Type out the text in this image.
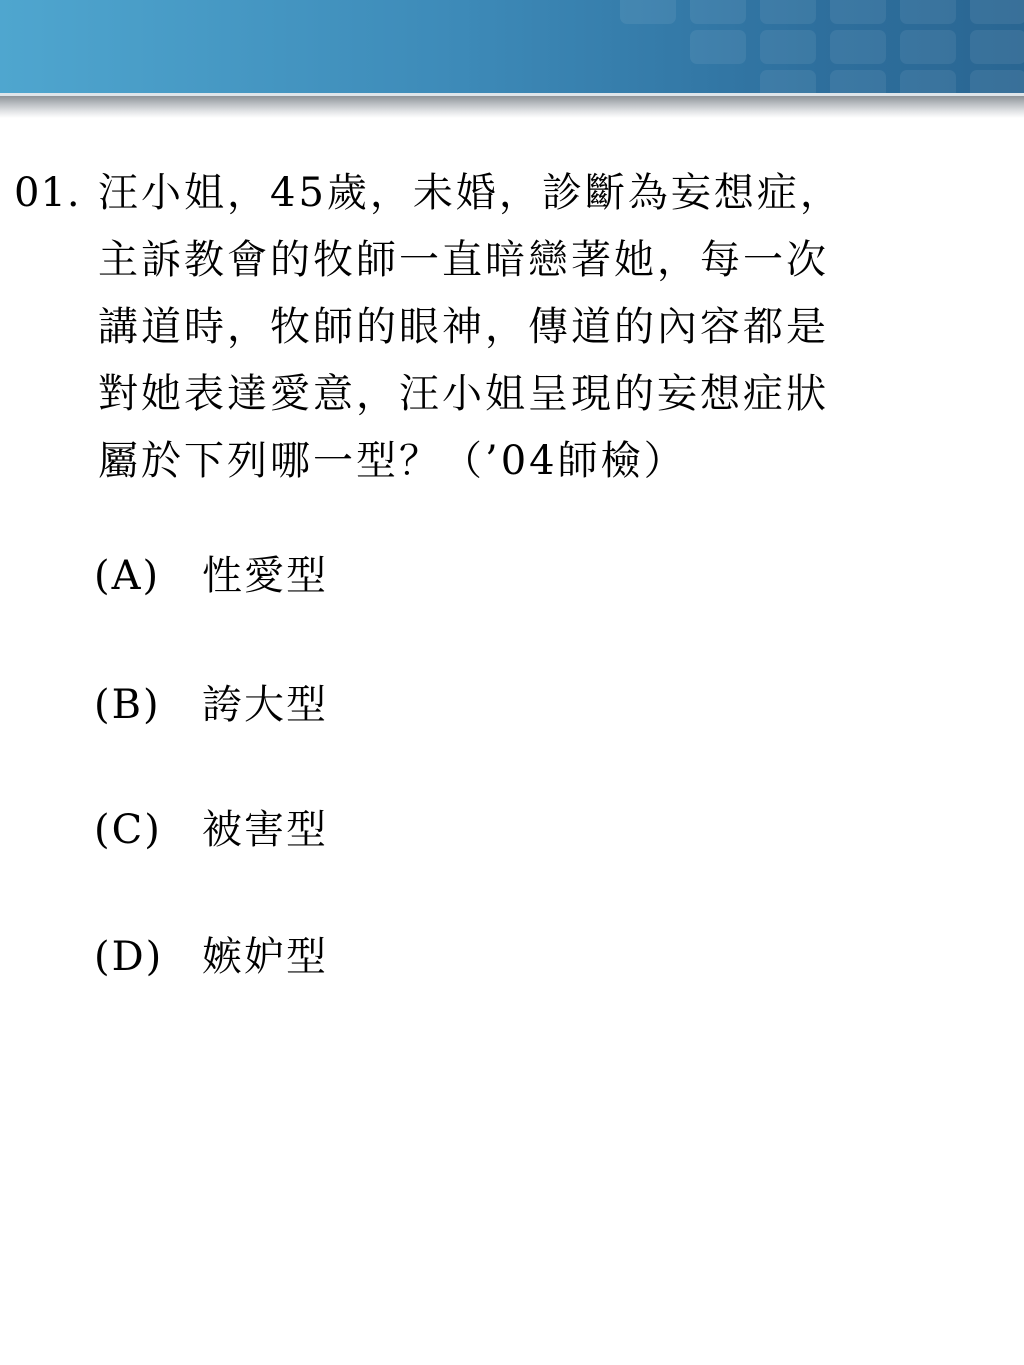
01. 汪小姐，45歲，未婚，診斷為妄想症，
主訴教會的牧師一直暗戀著她，每一次
講道時，牧師的眼神，傳道的內容都是
對她表達愛意，汪小姐呈現的妄想症狀
屬於下列哪一型？（’04師檢）
(A) 性愛型
(B) 誇大型
(C) 被害型
(D) 嫉妒型
